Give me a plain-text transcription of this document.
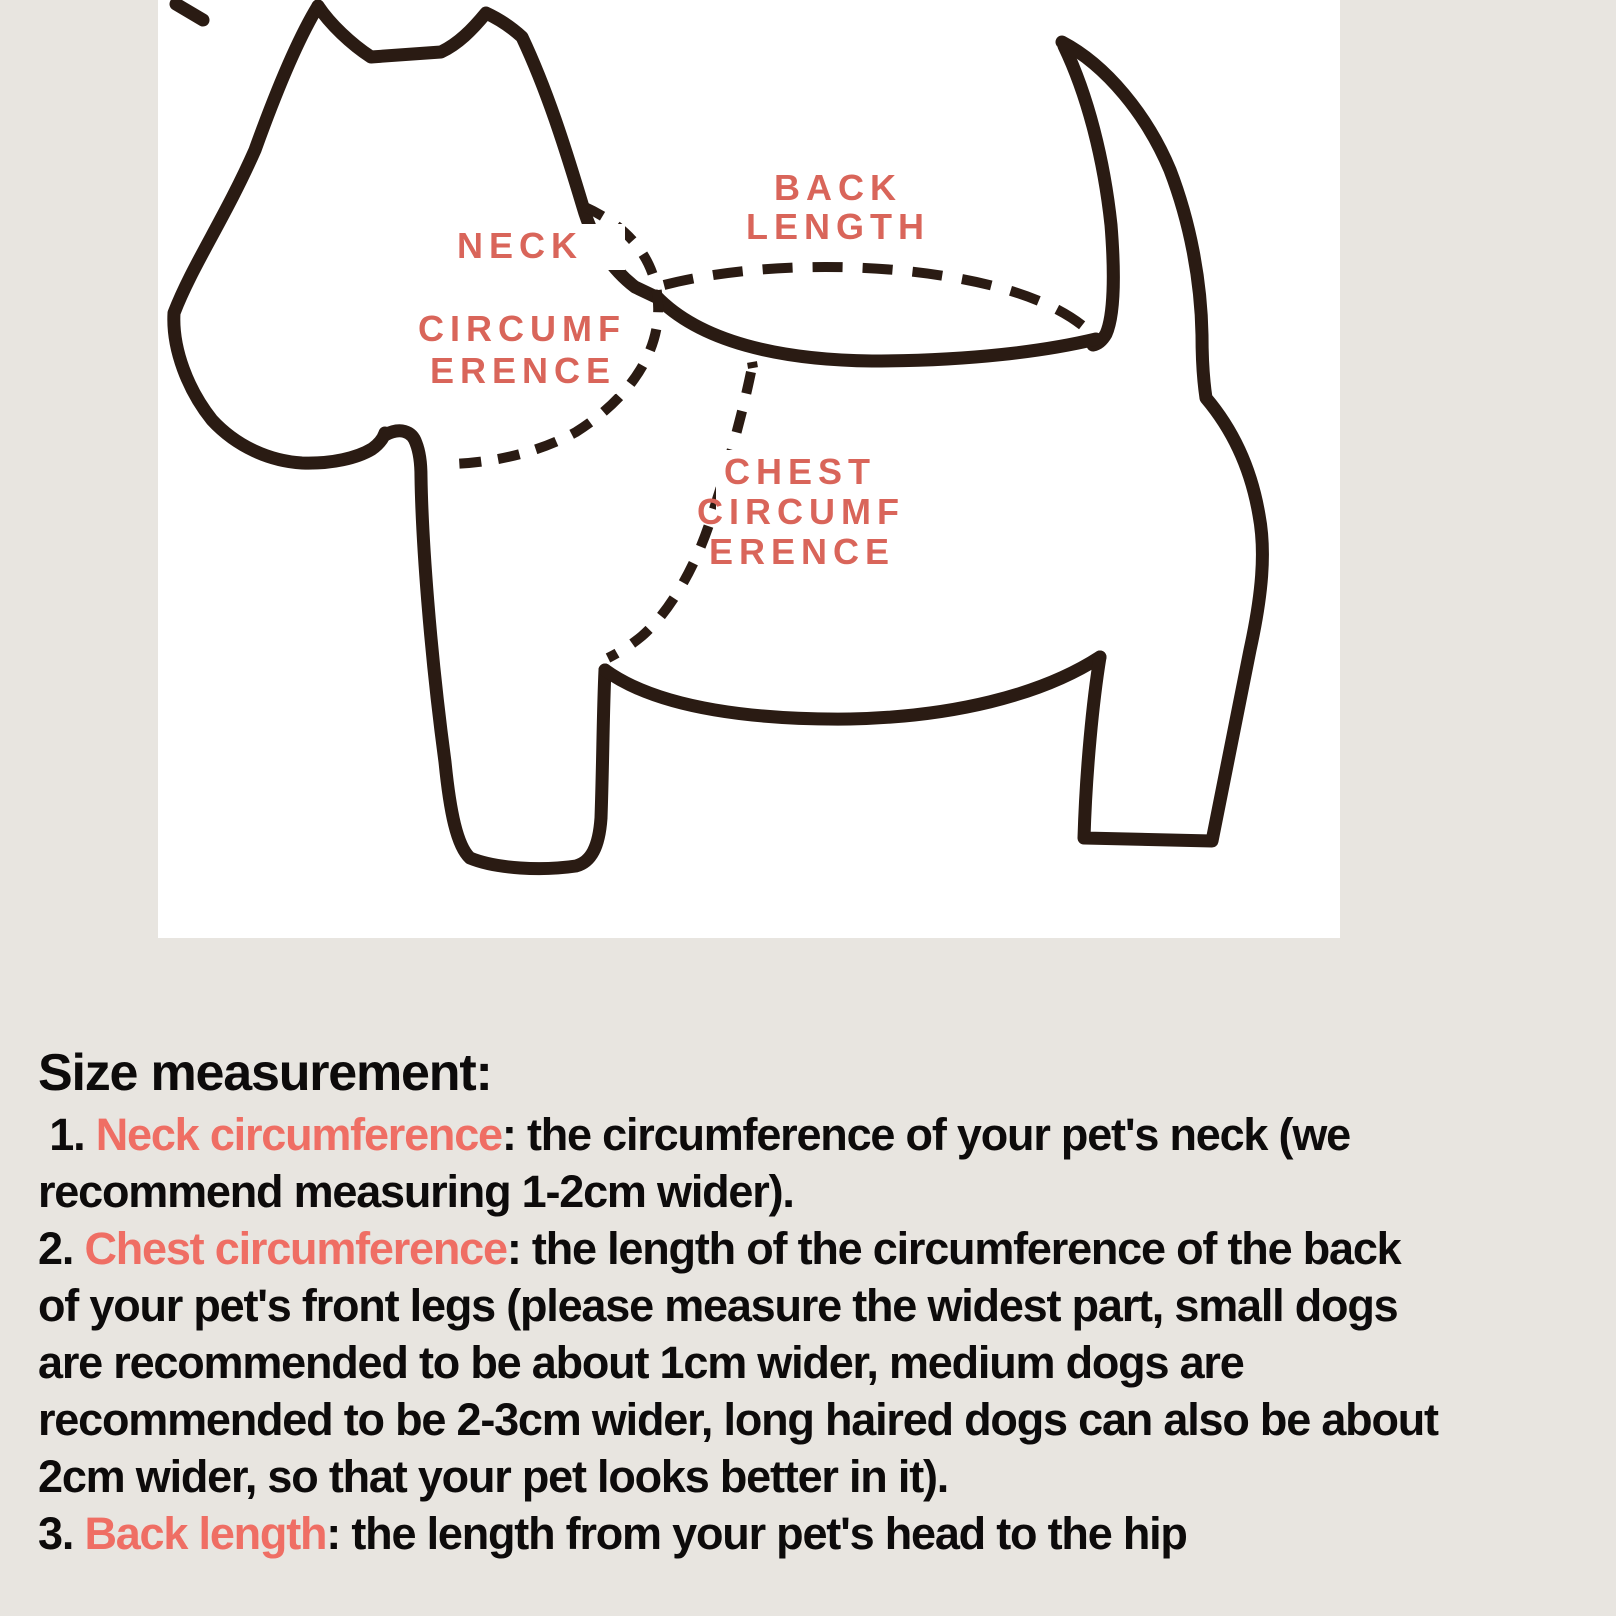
NECK
CIRCUMF
ERENCE
BACK
LENGTH
CHEST
CIRCUMF
ERENCE
Size measurement:
1. Neck circumference: the circumference of your pet's neck (we
recommend measuring 1-2cm wider).
2. Chest circumference: the length of the circumference of the back
of your pet's front legs (please measure the widest part, small dogs
are recommended to be about 1cm wider, medium dogs are
recommended to be 2-3cm wider, long haired dogs can also be about
2cm wider, so that your pet looks better in it).
3. Back length: the length from your pet's head to the hip
